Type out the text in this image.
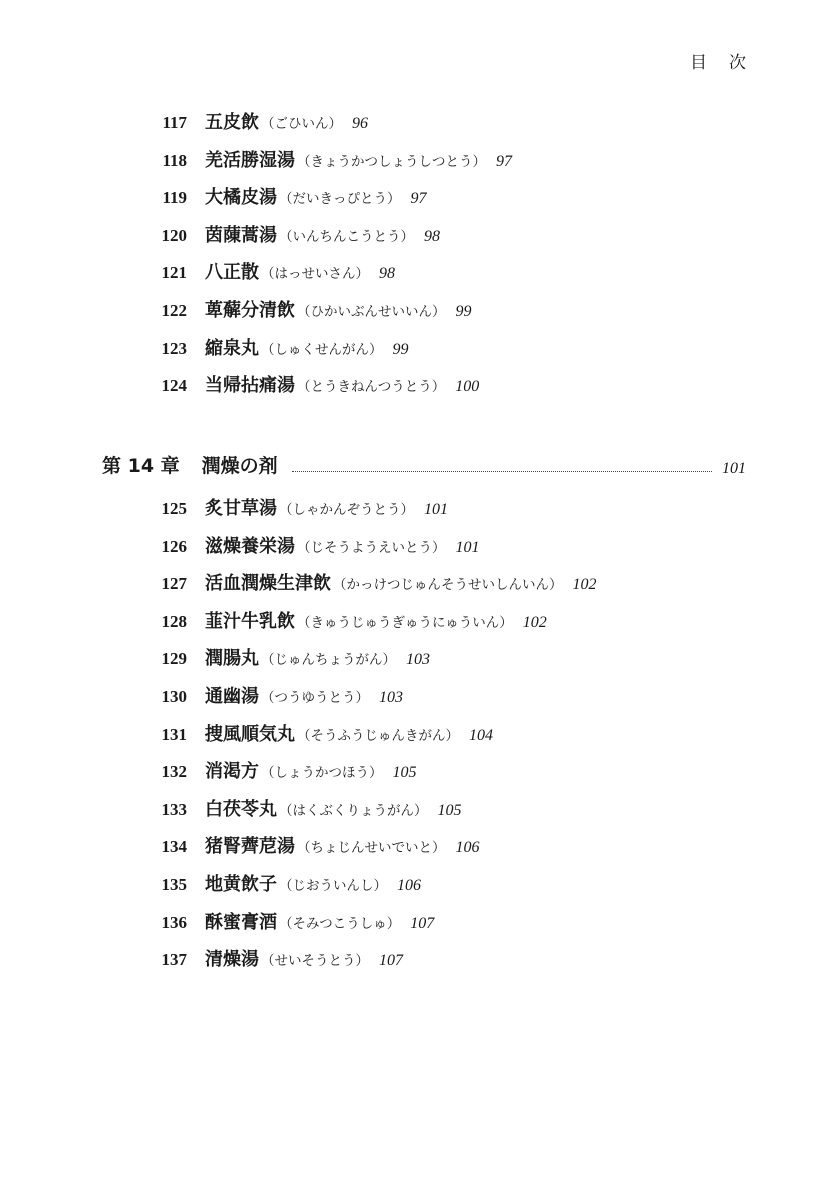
目次
117 五皮飲 （ごひいん） 96
118 羌活勝湿湯 （きょうかつしょうしつとう） 97
119 大橘皮湯 （だいきっぴとう） 97
120 茵蔯蒿湯 （いんちんこうとう） 98
121 八正散 （はっせいさん） 98
122 萆薢分清飲 （ひかいぶんせいいん） 99
123 縮泉丸 （しゅくせんがん） 99
124 当帰拈痛湯 （とうきねんつうとう） 100
第 14 章 潤燥の剤	101
125 炙甘草湯 （しゃかんぞうとう） 101
126 滋燥養栄湯 （じそうようえいとう） 101
127 活血潤燥生津飲 （かっけつじゅんそうせいしんいん） 102
128 韮汁牛乳飲 （きゅうじゅうぎゅうにゅういん） 102
129 潤腸丸 （じゅんちょうがん） 103
130 通幽湯 （つうゆうとう） 103
131 捜風順気丸 （そうふうじゅんきがん） 104
132 消渇方 （しょうかつほう） 105
133 白茯苓丸 （はくぶくりょうがん） 105
134 猪腎薺苨湯 （ちょじんせいでいと） 106
135 地黄飲子 （じおういんし） 106
136 酥蜜膏酒 （そみつこうしゅ） 107
137 清燥湯 （せいそうとう） 107
